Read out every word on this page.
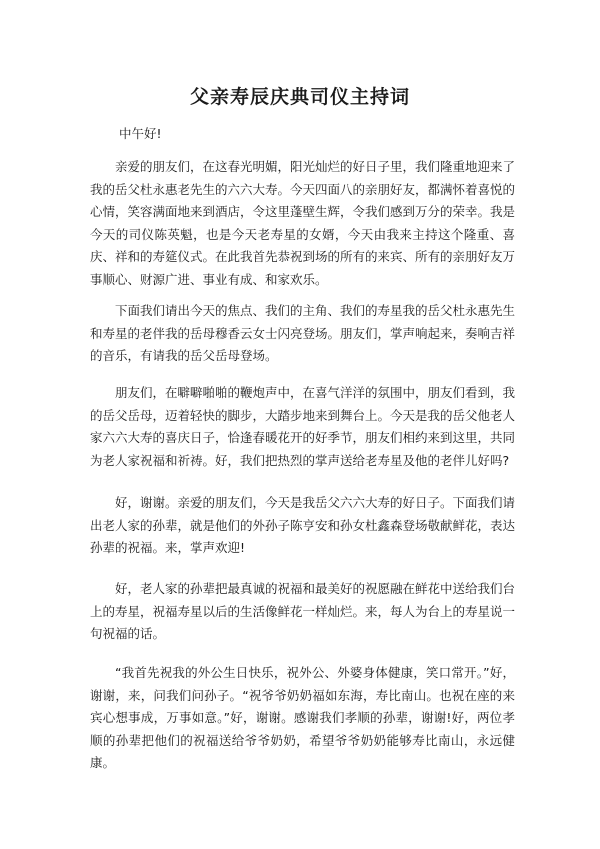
父亲寿辰庆典司仪主持词

中午好!

亲爱的朋友们，在这春光明媚，阳光灿烂的好日子里，我们隆重地迎来了我的岳父杜永惠老先生的六六大寿。今天四面八的亲朋好友，都满怀着喜悦的心情，笑容满面地来到酒店，令这里蓬壁生辉，令我们感到万分的荣幸。我是今天的司仪陈英魁，也是今天老寿星的女婿，今天由我来主持这个隆重、喜庆、祥和的寿筵仪式。在此我首先恭祝到场的所有的来宾、所有的亲朋好友万事顺心、财源广进、事业有成、和家欢乐。

下面我们请出今天的焦点、我们的主角、我们的寿星我的岳父杜永惠先生和寿星的老伴我的岳母穆香云女士闪亮登场。朋友们，掌声响起来，奏响吉祥的音乐，有请我的岳父岳母登场。

朋友们，在噼噼啪啪的鞭炮声中，在喜气洋洋的氛围中，朋友们看到，我的岳父岳母，迈着轻快的脚步，大踏步地来到舞台上。今天是我的岳父他老人家六六大寿的喜庆日子，恰逢春暖花开的好季节，朋友们相约来到这里，共同为老人家祝福和祈祷。好，我们把热烈的掌声送给老寿星及他的老伴儿好吗?

好，谢谢。亲爱的朋友们，今天是我岳父六六大寿的好日子。下面我们请出老人家的孙辈，就是他们的外孙子陈亨安和孙女杜鑫森登场敬献鲜花，表达孙辈的祝福。来，掌声欢迎!

好，老人家的孙辈把最真诚的祝福和最美好的祝愿融在鲜花中送给我们台上的寿星，祝福寿星以后的生活像鲜花一样灿烂。来，每人为台上的寿星说一句祝福的话。

“我首先祝我的外公生日快乐，祝外公、外婆身体健康，笑口常开。”好，谢谢，来，问我们问孙子。“祝爷爷奶奶福如东海，寿比南山。也祝在座的来宾心想事成，万事如意。”好，谢谢。感谢我们孝顺的孙辈，谢谢!好，两位孝顺的孙辈把他们的祝福送给爷爷奶奶，希望爷爷奶奶能够寿比南山，永远健康。
